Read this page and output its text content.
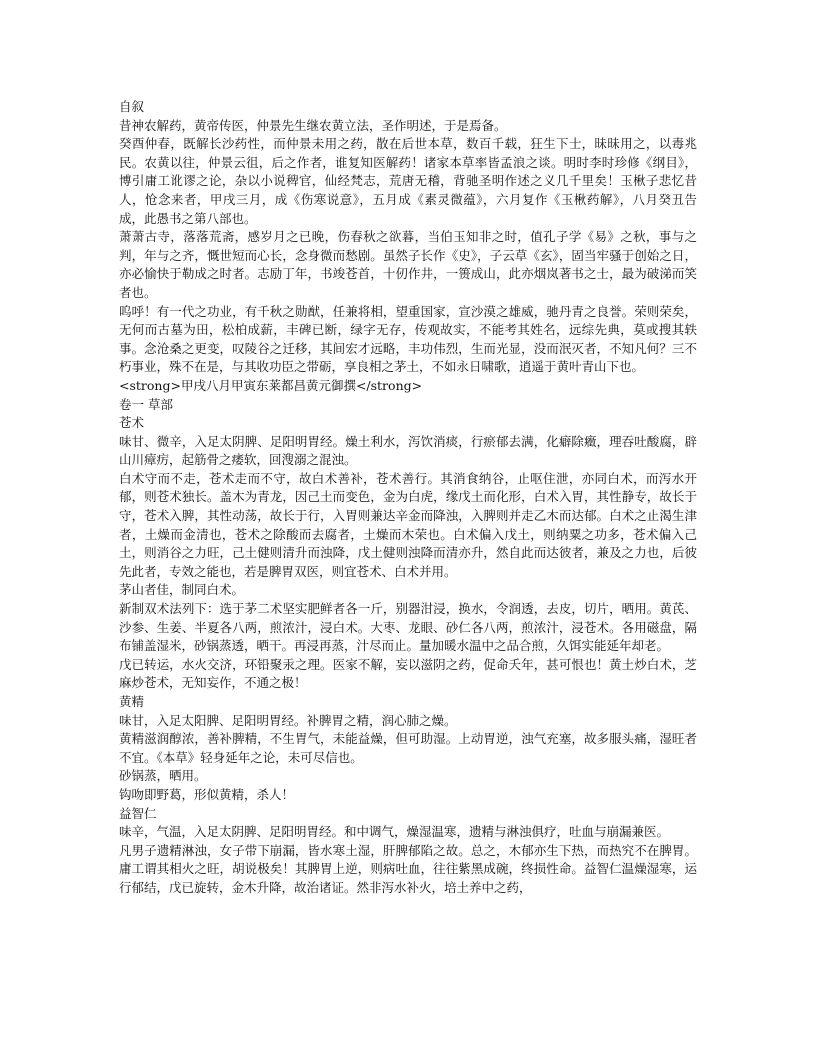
自叙

昔神农解药，黄帝传医，仲景先生继农黄立法，圣作明述，于是焉备。

癸酉仲春，既解长沙药性，而仲景未用之药，散在后世本草，数百千载，狂生下士，昧昧用之，以毒兆民。农黄以往，仲景云徂，后之作者，谁复知医解药！诸家本草率皆孟浪之谈。明时李时珍修《纲目》，博引庸工讹谬之论，杂以小说稗官，仙经梵志，荒唐无稽，背驰圣明作述之义几千里矣！玉楸子悲忆昔人，怆念来者，甲戌三月，成《伤寒说意》，五月成《素灵微蕴》，六月复作《玉楸药解》，八月癸丑告成，此愚书之第八部也。

萧萧古寺，落落荒斋，感岁月之已晚，伤春秋之欲暮，当伯玉知非之时，值孔子学《易》之秋，事与之判，年与之齐，慨世短而心长，念身微而愁剧。虽然子长作《史》，子云草《玄》，固当牢骚于创始之日，亦必愉快于勒成之时者。志励丁年，书竣苍首，十仞作井，一篑成山，此亦烟岚著书之士，最为破涕而笑者也。

呜呼！有一代之功业，有千秋之勋猷，任兼将相，望重国家，宣沙漠之雄威，驰丹青之良誉。荣则荣矣，无何而古墓为田，松柏成薪，丰碑已断，绿字无存，传观故实，不能考其姓名，远综先典，莫或搜其轶事。念沧桑之更变，叹陵谷之迁移，其间宏才远略，丰功伟烈，生而光显，没而泯灭者，不知凡何？三不朽事业，殊不在是，与其收功臣之带砺，享良相之茅土，不如永日啸歌，逍遥于黄叶青山下也。

<strong>甲戌八月甲寅东莱都昌黄元御撰</strong>

卷一 草部

苍术

味甘、微辛，入足太阴脾、足阳明胃经。燥土利水，泻饮消痰，行瘀郁去满，化癖除癥，理吞吐酸腐，辟山川瘴疠，起筋骨之痿软，回溲溺之混浊。

白术守而不走，苍术走而不守，故白术善补，苍术善行。其消食纳谷，止呕住泄，亦同白术，而泻水开郁，则苍术独长。盖木为青龙，因己土而变色，金为白虎，缘戊土而化形，白术入胃，其性静专，故长于守，苍术入脾，其性动荡，故长于行，入胃则兼达辛金而降浊，入脾则并走乙木而达郁。白术之止渴生津者，土燥而金清也，苍术之除酸而去腐者，土燥而木荣也。白术偏入戊土，则纳粟之功多，苍术偏入己土，则消谷之力旺，己土健则清升而浊降，戊土健则浊降而清亦升，然自此而达彼者，兼及之力也，后彼先此者，专效之能也，若是脾胃双医，则宜苍术、白术并用。

茅山者佳，制同白术。

新制双术法列下：选于茅二术坚实肥鲜者各一斤，别器泔浸，换水，令润透，去皮，切片，晒用。黄芪、沙参、生姜、半夏各八两，煎浓汁，浸白术。大枣、龙眼、砂仁各八两，煎浓汁，浸苍术。各用磁盘，隔布铺盖湿米，砂锅蒸透，晒干。再浸再蒸，汁尽而止。量加暖水温中之品合煎，久饵实能延年却老。

戊已转运，水火交济，环铅聚汞之理。医家不解，妄以滋阴之药，促命夭年，甚可恨也！黄土炒白术，芝麻炒苍术，无知妄作，不通之极！

黄精

味甘，入足太阳脾、足阳明胃经。补脾胃之精，润心肺之燥。

黄精滋润醇浓，善补脾精，不生胃气，未能益燥，但可助湿。上动胃逆，浊气充塞，故多服头痛，湿旺者不宜。《本草》轻身延年之论，未可尽信也。

砂锅蒸，晒用。

钩吻即野葛，形似黄精，杀人！

益智仁

味辛，气温，入足太阴脾、足阳明胃经。和中调气，燥湿温寒，遗精与淋浊俱疗，吐血与崩漏兼医。

凡男子遗精淋浊，女子带下崩漏，皆水寒土湿，肝脾郁陷之故。总之，木郁亦生下热，而热究不在脾胃。庸工谓其相火之旺，胡说极矣！其脾胃上逆，则病吐血，往往紫黑成碗，终损性命。益智仁温燥湿寒，运行郁结，戊已旋转，金木升降，故治诸证。然非泻水补火，培土养中之药，
